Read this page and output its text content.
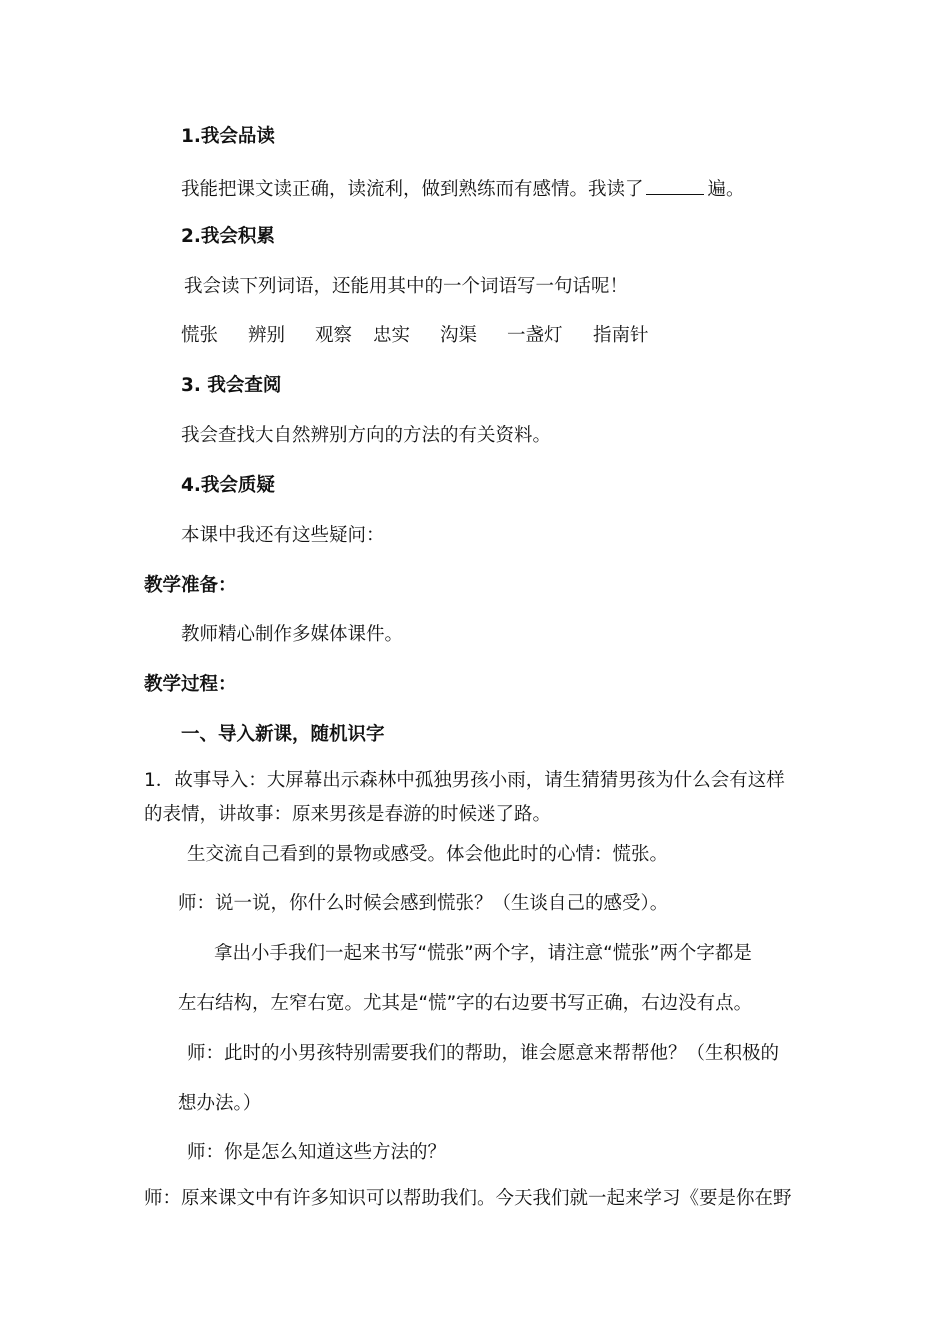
1.我会品读
我能把课文读正确，读流利，做到熟练而有感情。我读了	遍。
2.我会积累
我会读下列词语，还能用其中的一个词语写一句话呢！
慌张 辨别 观察 忠实 沟渠 一盏灯 指南针
3. 我会查阅
我会查找大自然辨别方向的方法的有关资料。
4.我会质疑
本课中我还有这些疑问：
教学准备：
教师精心制作多媒体课件。
教学过程：
一、导入新课，随机识字
1．故事导入：大屏幕出示森林中孤独男孩小雨，请生猜猜男孩为什么会有这样
的表情，讲故事：原来男孩是春游的时候迷了路。
生交流自己看到的景物或感受。体会他此时的心情：慌张。
师：说一说，你什么时候会感到慌张？（生谈自己的感受）。
拿出小手我们一起来书写“慌张”两个字，请注意“慌张”两个字都是
左右结构，左窄右宽。尤其是“慌”字的右边要书写正确，右边没有点。
师：此时的小男孩特别需要我们的帮助，谁会愿意来帮帮他？（生积极的
想办法。）
师：你是怎么知道这些方法的？
师：原来课文中有许多知识可以帮助我们。今天我们就一起来学习《要是你在野
